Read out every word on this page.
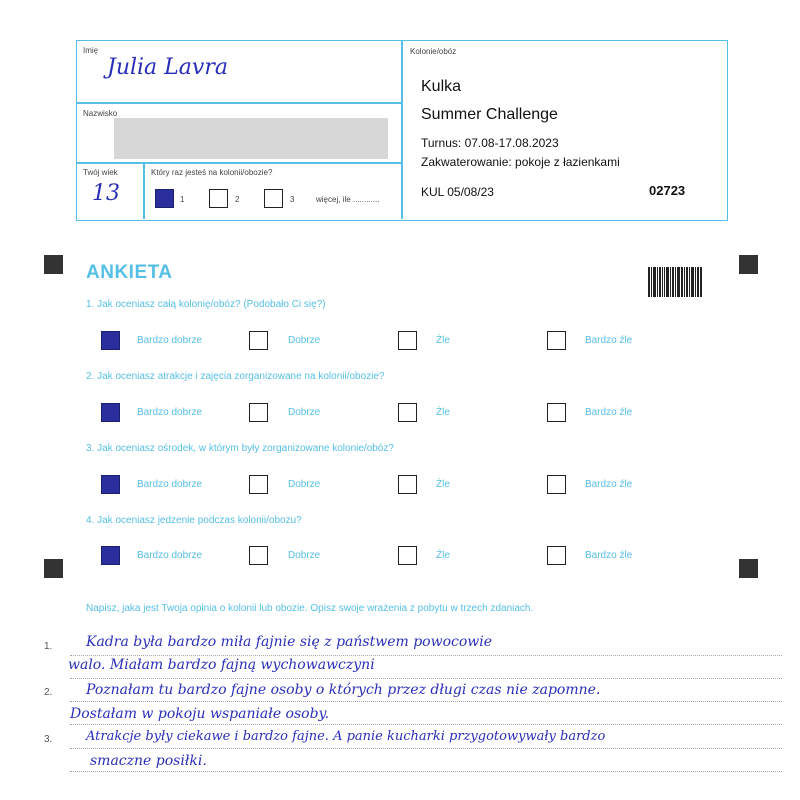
Imię
Julia Lavra
Nazwisko
Twój wiek
13
Który raz jesteś na kolonii/obozie?
1	2	3	więcej, ile ............
Kolonie/obóz
Kulka
Summer Challenge
Turnus: 07.08-17.08.2023
Zakwaterowanie: pokoje z łazienkami
KUL 05/08/23	02723
ANKIETA
1. Jak oceniasz całą kolonię/obóz? (Podobało Ci się?)
Bardzo dobrze	Dobrze	Źle	Bardzo źle
2. Jak oceniasz atrakcje i zajęcia zorganizowane na kolonii/obozie?
Bardzo dobrze	Dobrze	Źle	Bardzo źle
3. Jak oceniasz ośrodek, w którym były zorganizowane kolonie/obóz?
Bardzo dobrze	Dobrze	Źle	Bardzo źle
4. Jak oceniasz jedzenie podczas kolonii/obozu?
Bardzo dobrze	Dobrze	Źle	Bardzo źle
Napisz, jaka jest Twoja opinia o kolonii lub obozie. Opisz swoje wrażenia z pobytu w trzech zdaniach.
1.
2.
3.
Kadra była bardzo miła fajnie się z państwem powocowie
walo. Miałam bardzo fajną wychowawczyni
Poznałam tu bardzo fajne osoby o których przez długi czas nie zapomne.
Dostałam w pokoju wspaniałe osoby.
Atrakcje były ciekawe i bardzo fajne. A panie kucharki przygotowywały bardzo
smaczne posiłki.
